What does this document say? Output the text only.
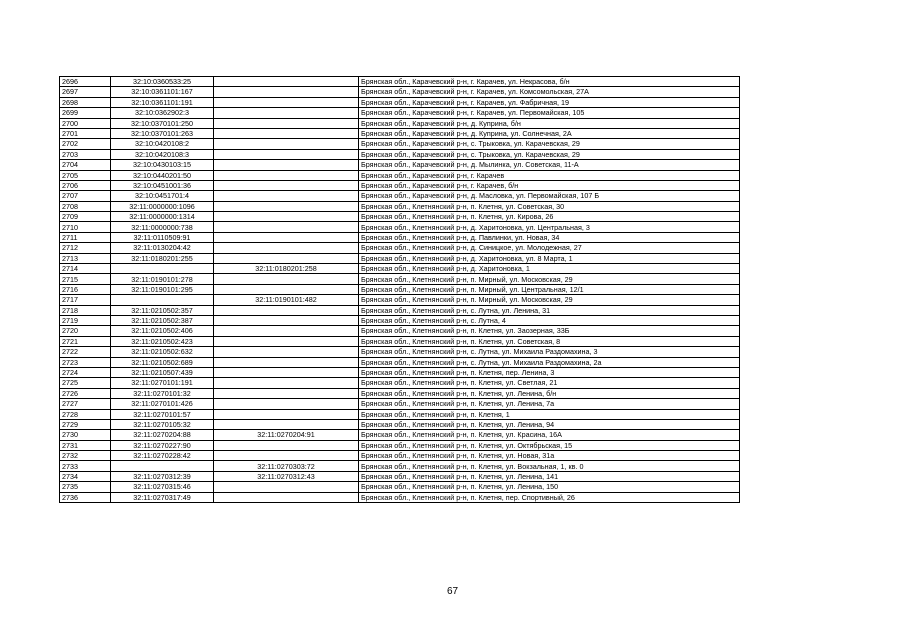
2696	32:10:0360533:25		Брянская обл., Карачевский р-н, г. Карачев, ул. Некрасова, б/н
2697	32:10:0361101:167		Брянская обл., Карачевский р-н, г. Карачев, ул. Комсомольская, 27А
2698	32:10:0361101:191		Брянская обл., Карачевский р-н, г. Карачев, ул. Фабричная, 19
2699	32:10:0362902:3		Брянская обл., Карачевский р-н, г. Карачев, ул. Первомайская, 105
2700	32:10:0370101:250		Брянская обл., Карачевский р-н, д. Куприна, б/н
2701	32:10:0370101:263		Брянская обл., Карачевский р-н, д. Куприна, ул. Солнечная, 2А
2702	32:10:0420108:2		Брянская обл., Карачевский р-н, с. Трыковка, ул. Карачевская, 29
2703	32:10:0420108:3		Брянская обл., Карачевский р-н, с. Трыковка, ул. Карачевская, 29
2704	32:10:0430103:15		Брянская обл., Карачевский р-н, д. Мылинка, ул. Советская, 11-А
2705	32:10:0440201:50		Брянская обл., Карачевский р-н, г. Карачев
2706	32:10:0451001:36		Брянская обл., Карачевский р-н, г. Карачев, б/н
2707	32:10:0451701:4		Брянская обл., Карачевский р-н, д. Масловка, ул. Первомайская, 107 Б
2708	32:11:0000000:1096		Брянская обл., Клетнянский р-н, п. Клетня, ул. Советская, 30
2709	32:11:0000000:1314		Брянская обл., Клетнянский р-н, п. Клетня, ул. Кирова, 26
2710	32:11:0000000:738		Брянская обл., Клетнянский р-н, д. Харитоновка, ул. Центральная, 3
2711	32:11:0110509:91		Брянская обл., Клетнянский р-н, д. Павлинки, ул. Новая, 34
2712	32:11:0130204:42		Брянская обл., Клетнянский р-н, д. Синицкое, ул. Молодежная, 27
2713	32:11:0180201:255		Брянская обл., Клетнянский р-н, д. Харитоновка, ул. 8 Марта, 1
2714		32:11:0180201:258	Брянская обл., Клетнянский р-н, д. Харитоновка, 1
2715	32:11:0190101:278		Брянская обл., Клетнянский р-н, п. Мирный, ул. Московская, 29
2716	32:11:0190101:295		Брянская обл., Клетнянский р-н, п. Мирный, ул. Центральная, 12/1
2717		32:11:0190101:482	Брянская обл., Клетнянский р-н, п. Мирный, ул. Московская, 29
2718	32:11:0210502:357		Брянская обл., Клетнянский р-н, с. Лутна, ул. Ленина, 31
2719	32:11:0210502:387		Брянская обл., Клетнянский р-н, с. Лутна, 4
2720	32:11:0210502:406		Брянская обл., Клетнянский р-н, п. Клетня, ул. Заозерная, 33Б
2721	32:11:0210502:423		Брянская обл., Клетнянский р-н, п. Клетня, ул. Советская, 8
2722	32:11:0210502:632		Брянская обл., Клетнянский р-н, с. Лутна, ул. Михаила Раздомахина, 3
2723	32:11:0210502:689		Брянская обл., Клетнянский р-н, с. Лутна, ул. Михаила Раздомахина, 2а
2724	32:11:0210507:439		Брянская обл., Клетнянский р-н, п. Клетня, пер. Ленина, 3
2725	32:11:0270101:191		Брянская обл., Клетнянский р-н, п. Клетня, ул. Светлая, 21
2726	32:11:0270101:32		Брянская обл., Клетнянский р-н, п. Клетня, ул. Ленина, б/н
2727	32:11:0270101:426		Брянская обл., Клетнянский р-н, п. Клетня, ул. Ленина, 7а
2728	32:11:0270101:57		Брянская обл., Клетнянский р-н, п. Клетня, 1
2729	32:11:0270105:32		Брянская обл., Клетнянский р-н, п. Клетня, ул. Ленина, 94
2730	32:11:0270204:88	32:11:0270204:91	Брянская обл., Клетнянский р-н, п. Клетня, ул. Красина, 16А
2731	32:11:0270227:90		Брянская обл., Клетнянский р-н, п. Клетня, ул. Октябрьская, 15
2732	32:11:0270228:42		Брянская обл., Клетнянский р-н, п. Клетня, ул. Новая, 31а
2733		32:11:0270303:72	Брянская обл., Клетнянский р-н, п. Клетня, ул. Вокзальная, 1, кв. 0
2734	32:11:0270312:39	32:11:0270312:43	Брянская обл., Клетнянский р-н, п. Клетня, ул. Ленина, 141
2735	32:11:0270315:46		Брянская обл., Клетнянский р-н, п. Клетня, ул. Ленина, 150
2736	32:11:0270317:49		Брянская обл., Клетнянский р-н, п. Клетня, пер. Спортивный, 26
67
